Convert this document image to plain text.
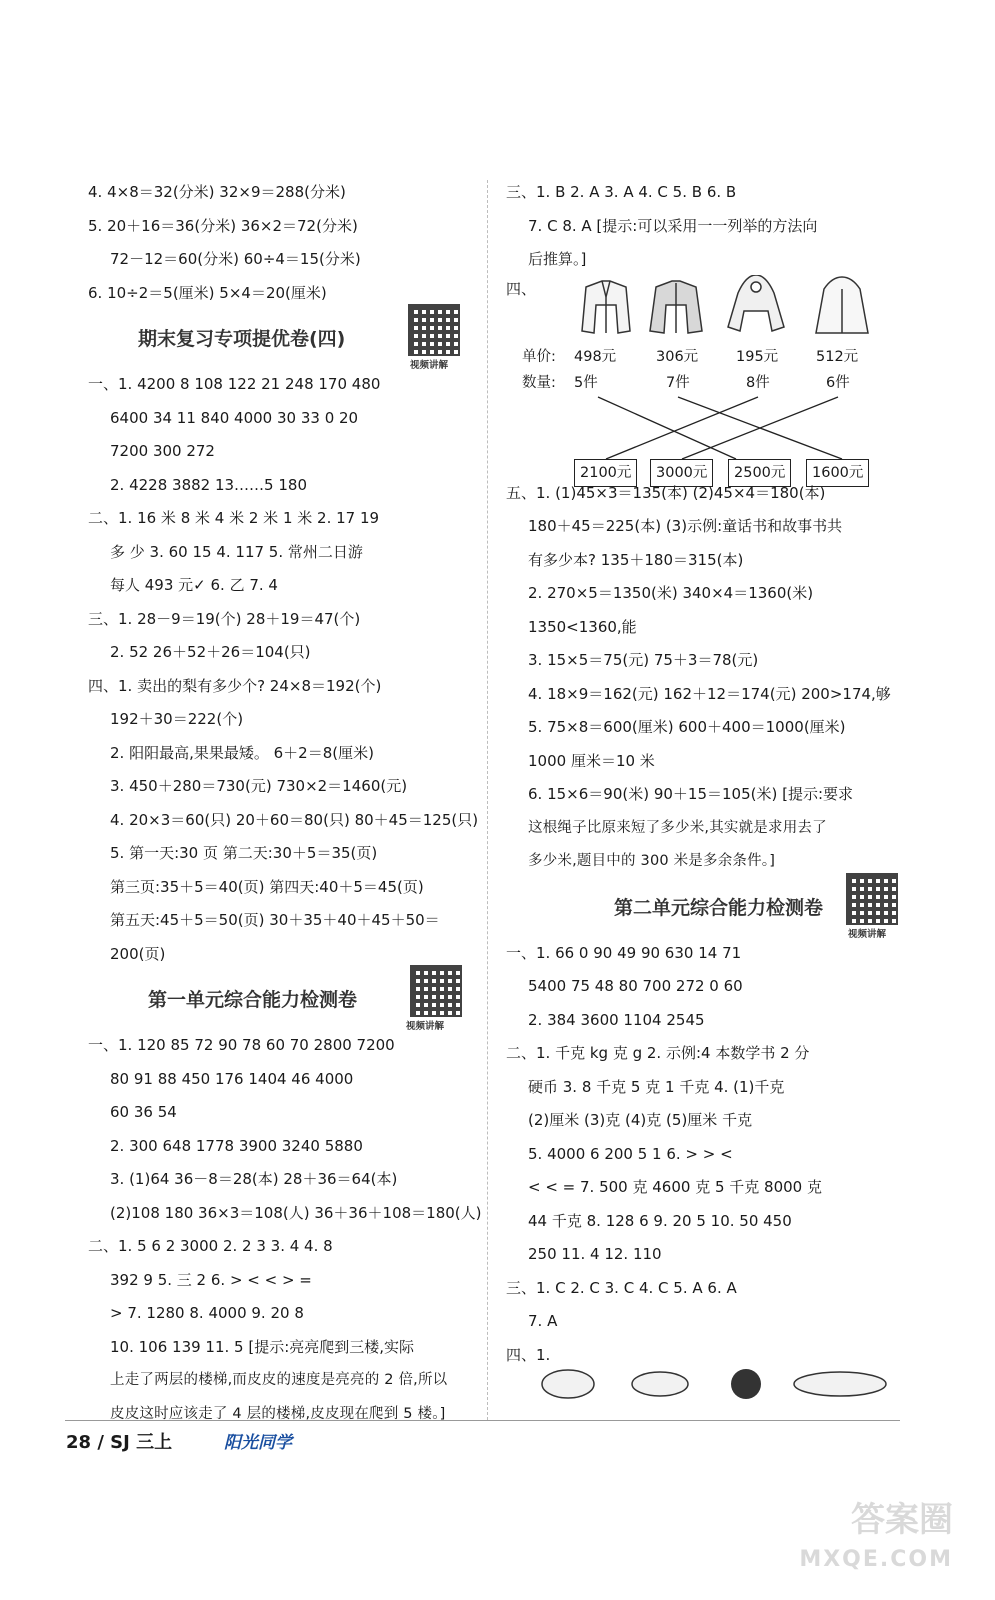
4. 4×8＝32(分米) 32×9＝288(分米)
5. 20＋16＝36(分米) 36×2＝72(分米)
72－12＝60(分米) 60÷4＝15(分米)
6. 10÷2＝5(厘米) 5×4＝20(厘米)
期末复习专项提优卷(四)
视频讲解
一、1. 4200 8 108 122 21 248 170 480
6400 34 11 840 4000 30 33 0 20
7200 300 272
2. 4228 3882 13……5 180
二、1. 16 米 8 米 4 米 2 米 1 米 2. 17 19
多 少 3. 60 15 4. 117 5. 常州二日游
每人 493 元✓ 6. 乙 7. 4
三、1. 28－9＝19(个) 28＋19＝47(个)
2. 52 26＋52＋26＝104(只)
四、1. 卖出的梨有多少个? 24×8＝192(个)
192＋30＝222(个)
2. 阳阳最高,果果最矮。 6＋2＝8(厘米)
3. 450＋280＝730(元) 730×2＝1460(元)
4. 20×3＝60(只) 20＋60＝80(只) 80＋45＝125(只)
5. 第一天:30 页 第二天:30＋5＝35(页)
第三页:35＋5＝40(页) 第四天:40＋5＝45(页)
第五天:45＋5＝50(页) 30＋35＋40＋45＋50＝
200(页)
第一单元综合能力检测卷
视频讲解
一、1. 120 85 72 90 78 60 70 2800 7200
80 91 88 450 176 1404 46 4000
60 36 54
2. 300 648 1778 3900 3240 5880
3. (1)64 36－8＝28(本) 28＋36＝64(本)
(2)108 180 36×3＝108(人) 36＋36＋108＝180(人)
二、1. 5 6 2 3000 2. 2 3 3. 4 4. 8
392 9 5. 三 2 6. > < < > =
> 7. 1280 8. 4000 9. 20 8
10. 106 139 11. 5 [提示:亮亮爬到三楼,实际
上走了两层的楼梯,而皮皮的速度是亮亮的 2 倍,所以
皮皮这时应该走了 4 层的楼梯,皮皮现在爬到 5 楼。]
三、1. B 2. A 3. A 4. C 5. B 6. B
7. C 8. A [提示:可以采用一一列举的方法向
后推算。]
四、
单价: 498元	306元	195元	512元
数量: 5件	7件	8件	6件
2100元	3000元	2500元	1600元
五、1. (1)45×3＝135(本) (2)45×4＝180(本)
180＋45＝225(本) (3)示例:童话书和故事书共
有多少本? 135＋180＝315(本)
2. 270×5＝1350(米) 340×4＝1360(米)
1350<1360,能
3. 15×5＝75(元) 75＋3＝78(元)
4. 18×9＝162(元) 162＋12＝174(元) 200>174,够
5. 75×8＝600(厘米) 600＋400＝1000(厘米)
1000 厘米＝10 米
6. 15×6＝90(米) 90＋15＝105(米) [提示:要求
这根绳子比原来短了多少米,其实就是求用去了
多少米,题目中的 300 米是多余条件。]
第二单元综合能力检测卷
视频讲解
一、1. 66 0 90 49 90 630 14 71
5400 75 48 80 700 272 0 60
2. 384 3600 1104 2545
二、1. 千克 kg 克 g 2. 示例:4 本数学书 2 分
硬币 3. 8 千克 5 克 1 千克 4. (1)千克
(2)厘米 (3)克 (4)克 (5)厘米 千克
5. 4000 6 200 5 1 6. > > <
< < = 7. 500 克 4600 克 5 千克 8000 克
44 千克 8. 128 6 9. 20 5 10. 50 450
250 11. 4 12. 110
三、1. C 2. C 3. C 4. C 5. A 6. A
7. A
四、1.
28 / SJ 三上	阳光同学
答案圈
MXQE.COM
